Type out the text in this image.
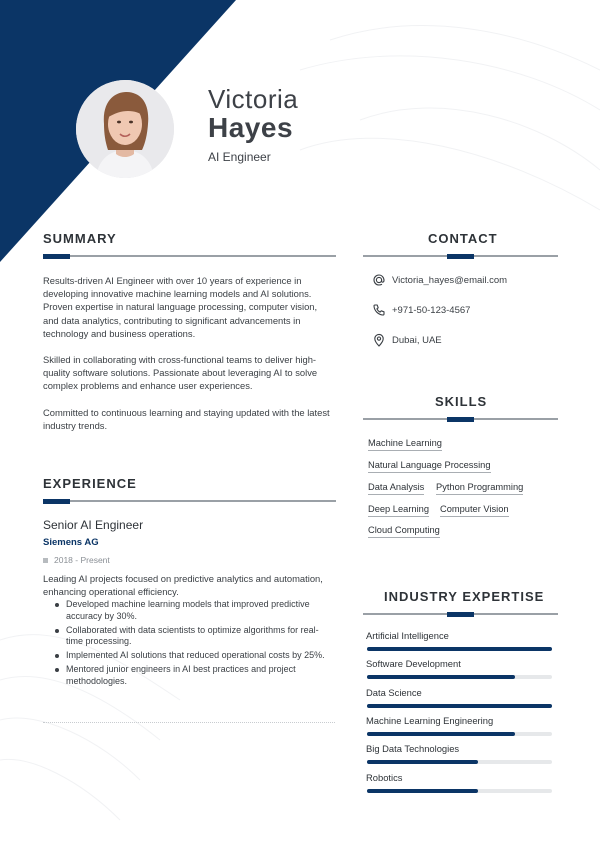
Victoria
Hayes
AI Engineer
SUMMARY
Results-driven AI Engineer with over 10 years of experience in developing innovative machine learning models and AI solutions. Proven expertise in natural language processing, computer vision, and data analytics, contributing to significant advancements in technology and business operations.
Skilled in collaborating with cross-functional teams to deliver high-quality software solutions. Passionate about leveraging AI to solve complex problems and enhance user experiences.
Committed to continuous learning and staying updated with the latest industry trends.
EXPERIENCE
Senior AI Engineer
Siemens AG
2018 - Present
Leading AI projects focused on predictive analytics and automation, enhancing operational efficiency.
Developed machine learning models that improved predictive accuracy by 30%.
Collaborated with data scientists to optimize algorithms for real-time processing.
Implemented AI solutions that reduced operational costs by 25%.
Mentored junior engineers in AI best practices and project methodologies.
CONTACT
Victoria_hayes@email.com
+971-50-123-4567
Dubai, UAE
SKILLS
Machine Learning
Natural Language Processing
Data Analysis Python Programming
Deep Learning Computer Vision
Cloud Computing
INDUSTRY EXPERTISE
Artificial Intelligence
Software Development
Data Science
Machine Learning Engineering
Big Data Technologies
Robotics
